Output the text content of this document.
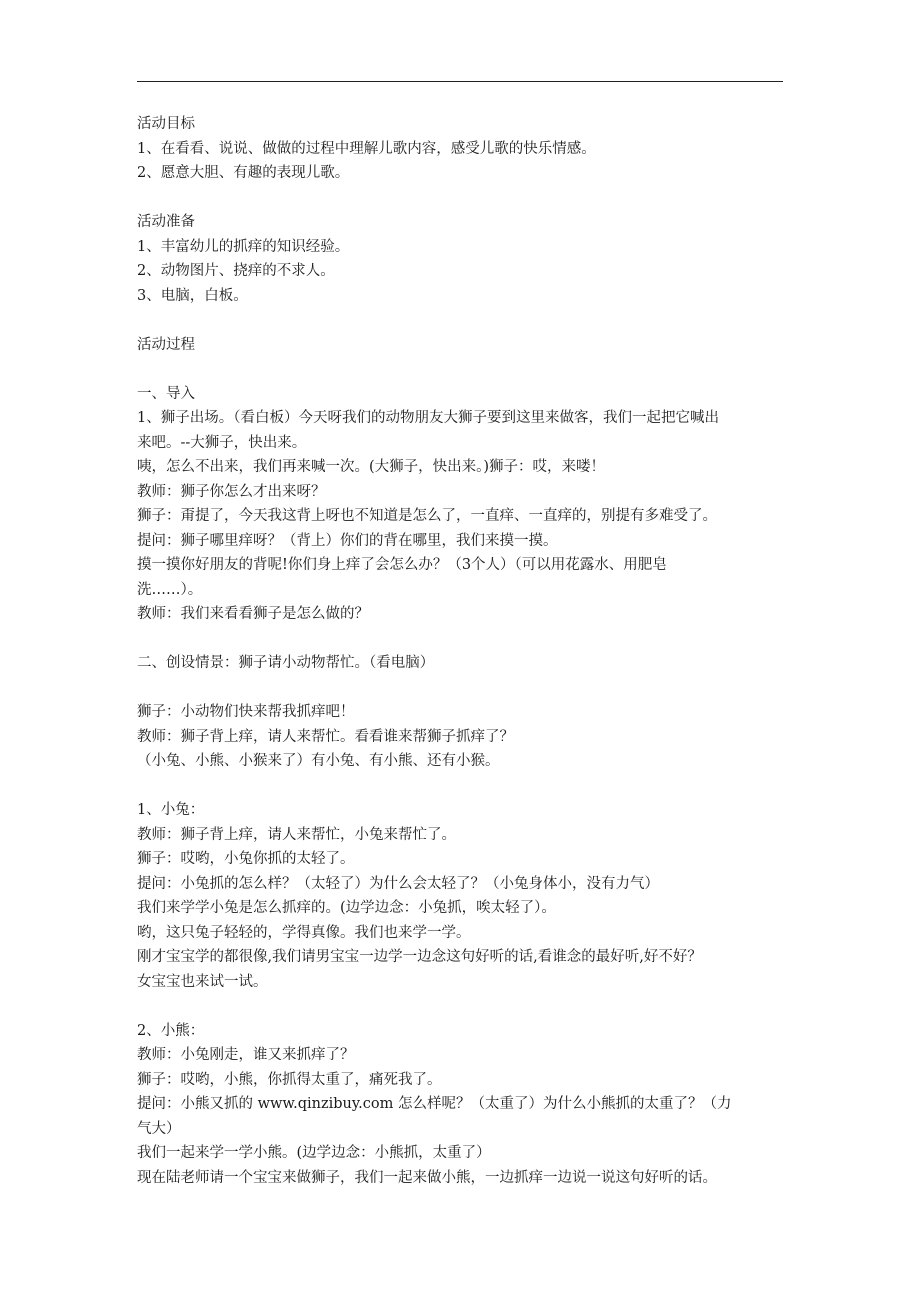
活动目标

1、在看看、说说、做做的过程中理解儿歌内容，感受儿歌的快乐情感。

2、愿意大胆、有趣的表现儿歌。

活动准备

1、丰富幼儿的抓痒的知识经验。

2、动物图片、挠痒的不求人。

3、电脑，白板。

活动过程

一、导入

1、狮子出场。（看白板）今天呀我们的动物朋友大狮子要到这里来做客，我们一起把它喊出

来吧。--大狮子，快出来。

咦，怎么不出来，我们再来喊一次。(大狮子，快出来。)狮子：哎，来喽！

教师：狮子你怎么才出来呀？

狮子：甭提了，今天我这背上呀也不知道是怎么了，一直痒、一直痒的，别提有多难受了。

提问：狮子哪里痒呀？（背上）你们的背在哪里，我们来摸一摸。

摸一摸你好朋友的背呢!你们身上痒了会怎么办？（3个人）（可以用花露水、用肥皂

洗……）。

教师：我们来看看狮子是怎么做的？

二、创设情景：狮子请小动物帮忙。（看电脑）

狮子：小动物们快来帮我抓痒吧！

教师：狮子背上痒，请人来帮忙。看看谁来帮狮子抓痒了？

（小兔、小熊、小猴来了）有小兔、有小熊、还有小猴。

1、小兔：

教师：狮子背上痒，请人来帮忙，小兔来帮忙了。

狮子：哎哟，小兔你抓的太轻了。

提问：小兔抓的怎么样？（太轻了）为什么会太轻了？（小兔身体小，没有力气）

我们来学学小兔是怎么抓痒的。(边学边念：小兔抓，唉太轻了）。

哟，这只兔子轻轻的，学得真像。我们也来学一学。

刚才宝宝学的都很像,我们请男宝宝一边学一边念这句好听的话,看谁念的最好听,好不好？

女宝宝也来试一试。

2、小熊：

教师：小兔刚走，谁又来抓痒了？

狮子：哎哟，小熊，你抓得太重了，痛死我了。

提问：小熊又抓的 www.qinzibuy.com 怎么样呢？（太重了）为什么小熊抓的太重了？（力

气大）

我们一起来学一学小熊。(边学边念：小熊抓，太重了）

现在陆老师请一个宝宝来做狮子，我们一起来做小熊，一边抓痒一边说一说这句好听的话。
